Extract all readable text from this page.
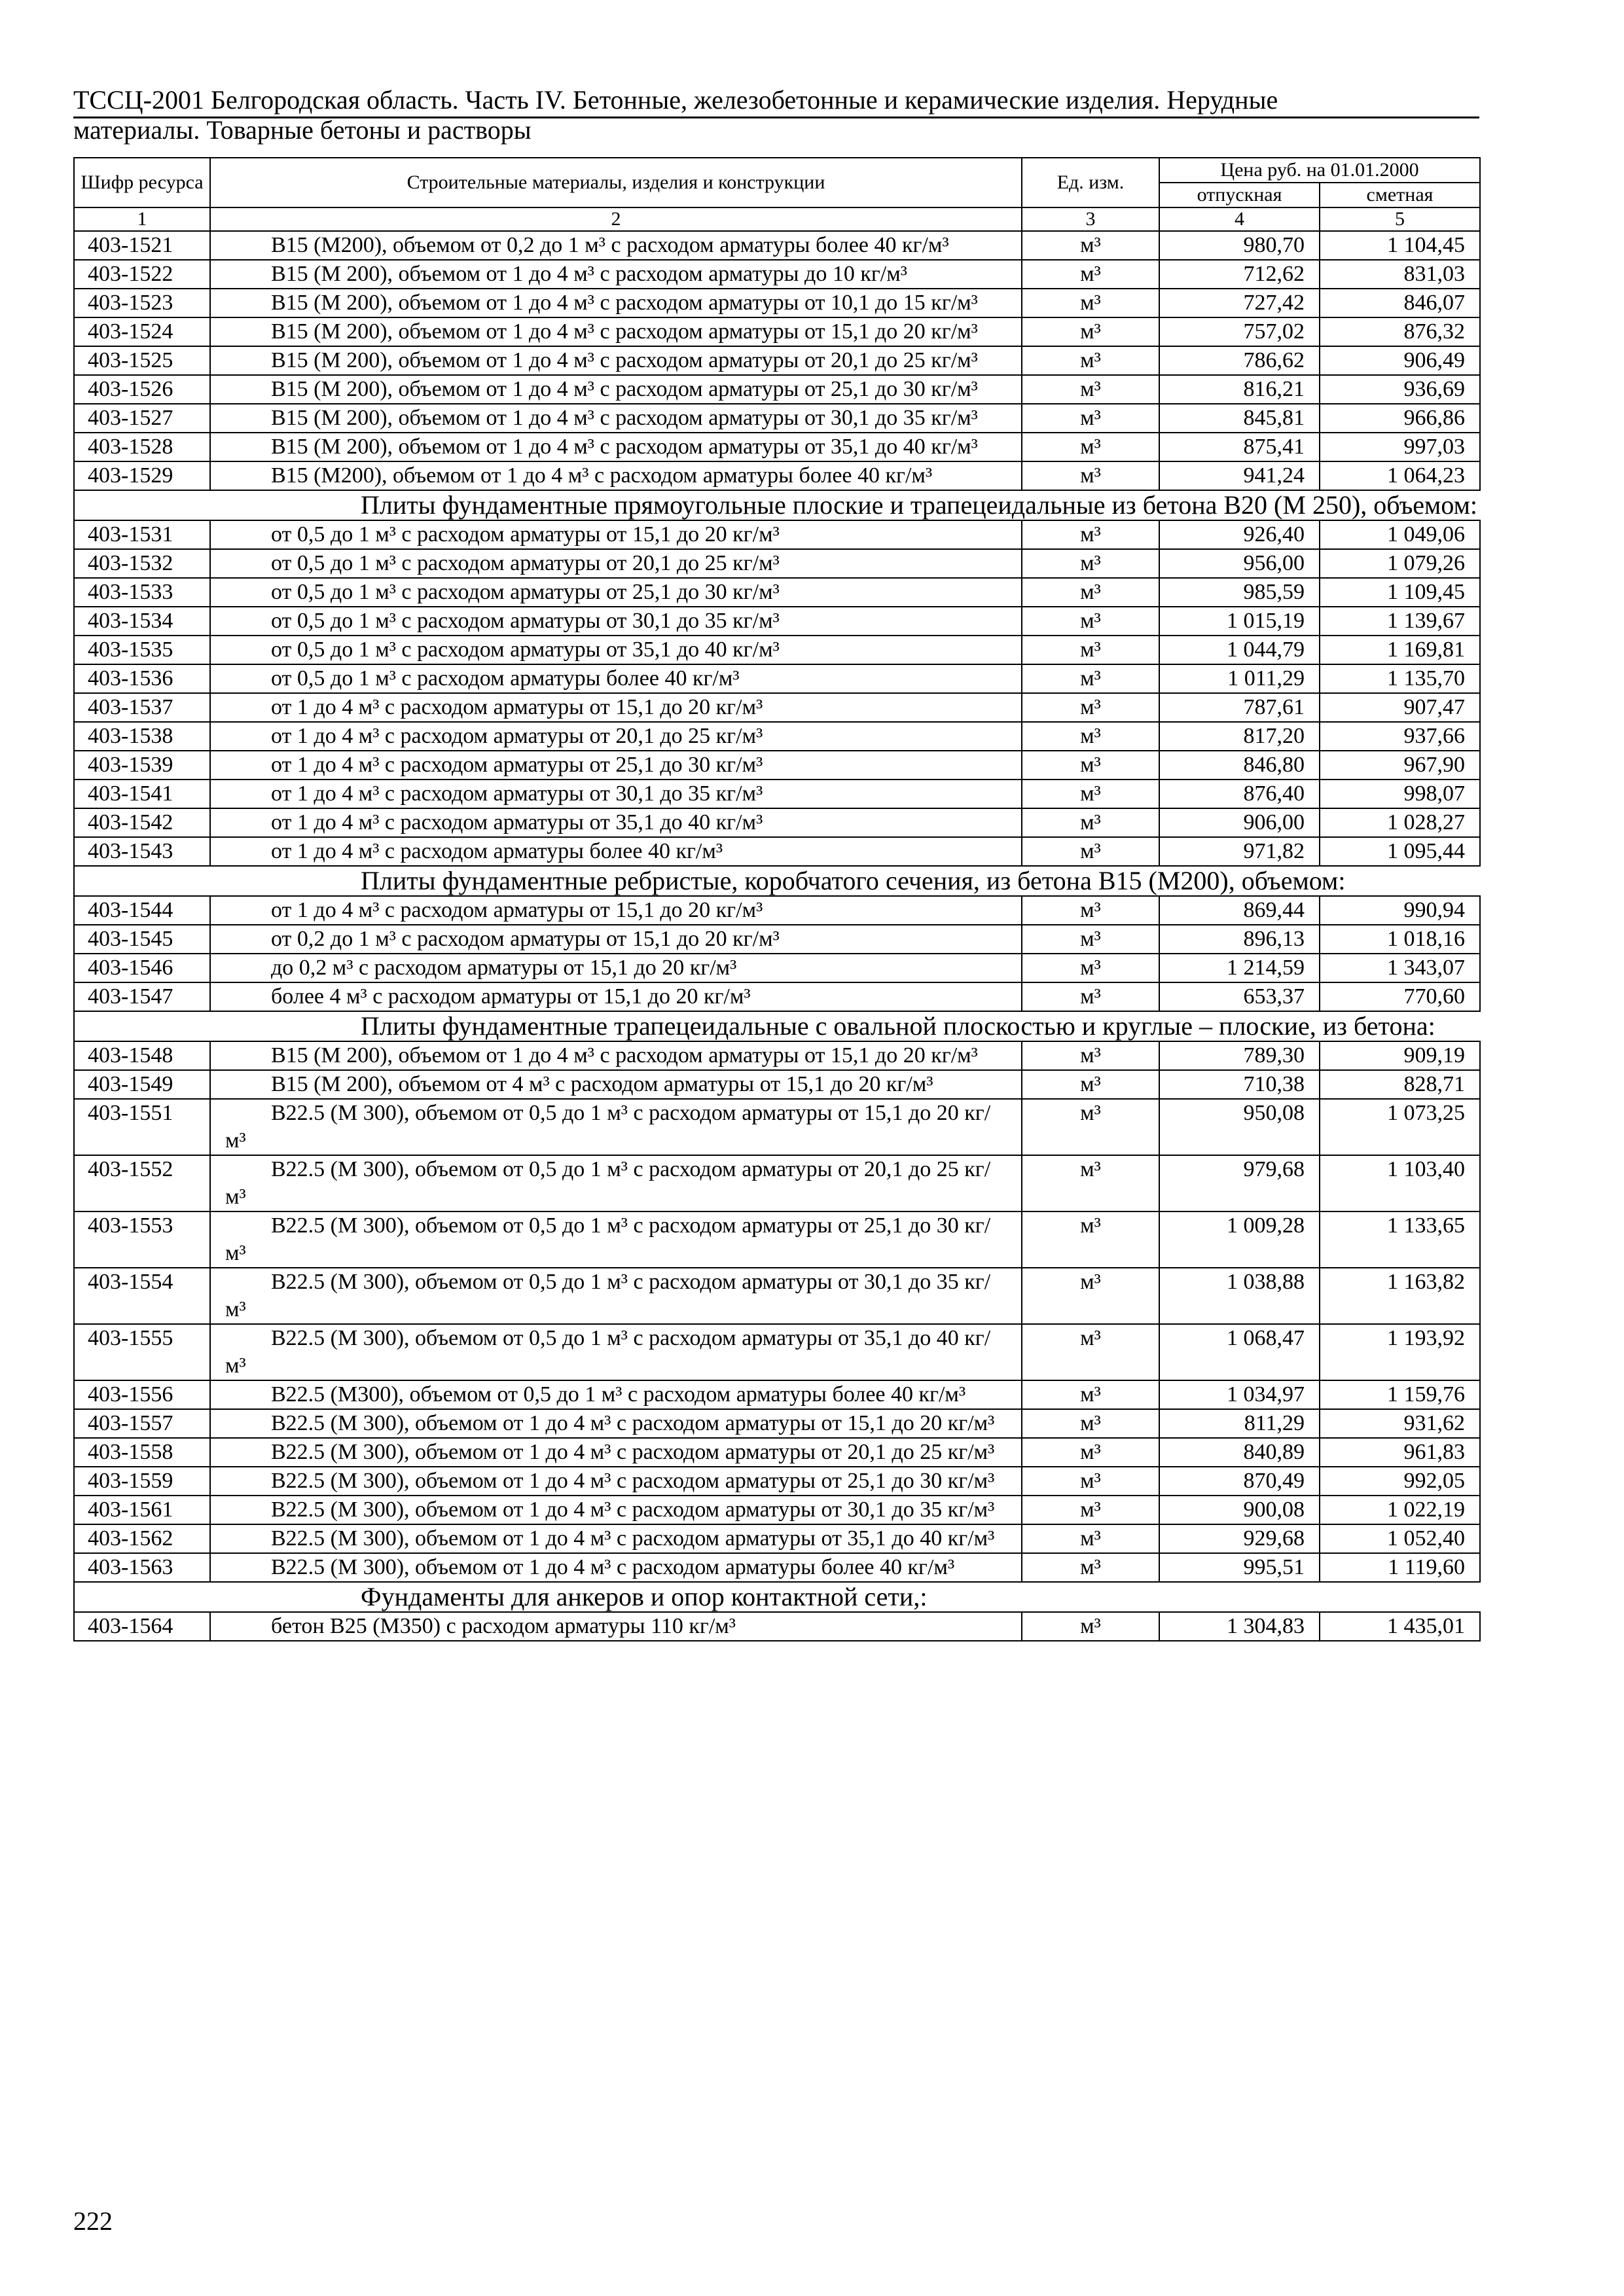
ТССЦ-2001 Белгородская область. Часть IV. Бетонные, железобетонные и керамические изделия. Нерудные
материалы. Товарные бетоны и растворы
Шифр ресурса	Строительные материалы, изделия и конструкции	Ед. изм.	Цена руб. на 01.01.2000	
			отпускная	сметная
1	2	3	4	5
403-1521	В15 (М200), объемом от 0,2 до 1 м³ с расходом арматуры более 40 кг/м³	м³	980,70	1 104,45
403-1522	В15 (М 200), объемом от 1 до 4 м³ с расходом арматуры до 10 кг/м³	м³	712,62	831,03
403-1523	В15 (М 200), объемом от 1 до 4 м³ с расходом арматуры от 10,1 до 15 кг/м³	м³	727,42	846,07
403-1524	В15 (М 200), объемом от 1 до 4 м³ с расходом арматуры от 15,1 до 20 кг/м³	м³	757,02	876,32
403-1525	В15 (М 200), объемом от 1 до 4 м³ с расходом арматуры от 20,1 до 25 кг/м³	м³	786,62	906,49
403-1526	В15 (М 200), объемом от 1 до 4 м³ с расходом арматуры от 25,1 до 30 кг/м³	м³	816,21	936,69
403-1527	В15 (М 200), объемом от 1 до 4 м³ с расходом арматуры от 30,1 до 35 кг/м³	м³	845,81	966,86
403-1528	В15 (М 200), объемом от 1 до 4 м³ с расходом арматуры от 35,1 до 40 кг/м³	м³	875,41	997,03
403-1529	В15 (М200), объемом от 1 до 4 м³ с расходом арматуры более 40 кг/м³	м³	941,24	1 064,23
	Плиты фундаментные прямоугольные плоские и трапецеидальные из бетона В20 (М 250), объемом:			
403-1531	от 0,5 до 1 м³ с расходом арматуры от 15,1 до 20 кг/м³	м³	926,40	1 049,06
403-1532	от 0,5 до 1 м³ с расходом арматуры от 20,1 до 25 кг/м³	м³	956,00	1 079,26
403-1533	от 0,5 до 1 м³ с расходом арматуры от 25,1 до 30 кг/м³	м³	985,59	1 109,45
403-1534	от 0,5 до 1 м³ с расходом арматуры от 30,1 до 35 кг/м³	м³	1 015,19	1 139,67
403-1535	от 0,5 до 1 м³ с расходом арматуры от 35,1 до 40 кг/м³	м³	1 044,79	1 169,81
403-1536	от 0,5 до 1 м³ с расходом арматуры более 40 кг/м³	м³	1 011,29	1 135,70
403-1537	от 1 до 4 м³ с расходом арматуры от 15,1 до 20 кг/м³	м³	787,61	907,47
403-1538	от 1 до 4 м³ с расходом арматуры от 20,1 до 25 кг/м³	м³	817,20	937,66
403-1539	от 1 до 4 м³ с расходом арматуры от 25,1 до 30 кг/м³	м³	846,80	967,90
403-1541	от 1 до 4 м³ с расходом арматуры от 30,1 до 35 кг/м³	м³	876,40	998,07
403-1542	от 1 до 4 м³ с расходом арматуры от 35,1 до 40 кг/м³	м³	906,00	1 028,27
403-1543	от 1 до 4 м³ с расходом арматуры более 40 кг/м³	м³	971,82	1 095,44
	Плиты фундаментные ребристые, коробчатого сечения, из бетона В15 (М200), объемом:			
403-1544	от 1 до 4 м³ с расходом арматуры от 15,1 до 20 кг/м³	м³	869,44	990,94
403-1545	от 0,2 до 1 м³ с расходом арматуры от 15,1 до 20 кг/м³	м³	896,13	1 018,16
403-1546	до 0,2 м³ с расходом арматуры от 15,1 до 20 кг/м³	м³	1 214,59	1 343,07
403-1547	более 4 м³ с расходом арматуры от 15,1 до 20 кг/м³	м³	653,37	770,60
	Плиты фундаментные трапецеидальные с овальной плоскостью и круглые – плоские, из бетона:			
403-1548	В15 (М 200), объемом от 1 до 4 м³ с расходом арматуры от 15,1 до 20 кг/м³	м³	789,30	909,19
403-1549	В15 (М 200), объемом от 4 м³ с расходом арматуры от 15,1 до 20 кг/м³	м³	710,38	828,71
403-1551	В22.5 (М 300), объемом от 0,5 до 1 м³ с расходом арматуры от 15,1 до 20 кг/м³	м³	950,08	1 073,25
403-1552	В22.5 (М 300), объемом от 0,5 до 1 м³ с расходом арматуры от 20,1 до 25 кг/м³	м³	979,68	1 103,40
403-1553	В22.5 (М 300), объемом от 0,5 до 1 м³ с расходом арматуры от 25,1 до 30 кг/м³	м³	1 009,28	1 133,65
403-1554	В22.5 (М 300), объемом от 0,5 до 1 м³ с расходом арматуры от 30,1 до 35 кг/м³	м³	1 038,88	1 163,82
403-1555	В22.5 (М 300), объемом от 0,5 до 1 м³ с расходом арматуры от 35,1 до 40 кг/м³	м³	1 068,47	1 193,92
403-1556	В22.5 (М300), объемом от 0,5 до 1 м³ с расходом арматуры более 40 кг/м³	м³	1 034,97	1 159,76
403-1557	В22.5 (М 300), объемом от 1 до 4 м³ с расходом арматуры от 15,1 до 20 кг/м³	м³	811,29	931,62
403-1558	В22.5 (М 300), объемом от 1 до 4 м³ с расходом арматуры от 20,1 до 25 кг/м³	м³	840,89	961,83
403-1559	В22.5 (М 300), объемом от 1 до 4 м³ с расходом арматуры от 25,1 до 30 кг/м³	м³	870,49	992,05
403-1561	В22.5 (М 300), объемом от 1 до 4 м³ с расходом арматуры от 30,1 до 35 кг/м³	м³	900,08	1 022,19
403-1562	В22.5 (М 300), объемом от 1 до 4 м³ с расходом арматуры от 35,1 до 40 кг/м³	м³	929,68	1 052,40
403-1563	В22.5 (М 300), объемом от 1 до 4 м³ с расходом арматуры более 40 кг/м³	м³	995,51	1 119,60
	Фундаменты для анкеров и опор контактной сети,:			
403-1564	бетон В25 (М350) с расходом арматуры 110 кг/м³	м³	1 304,83	1 435,01
222
